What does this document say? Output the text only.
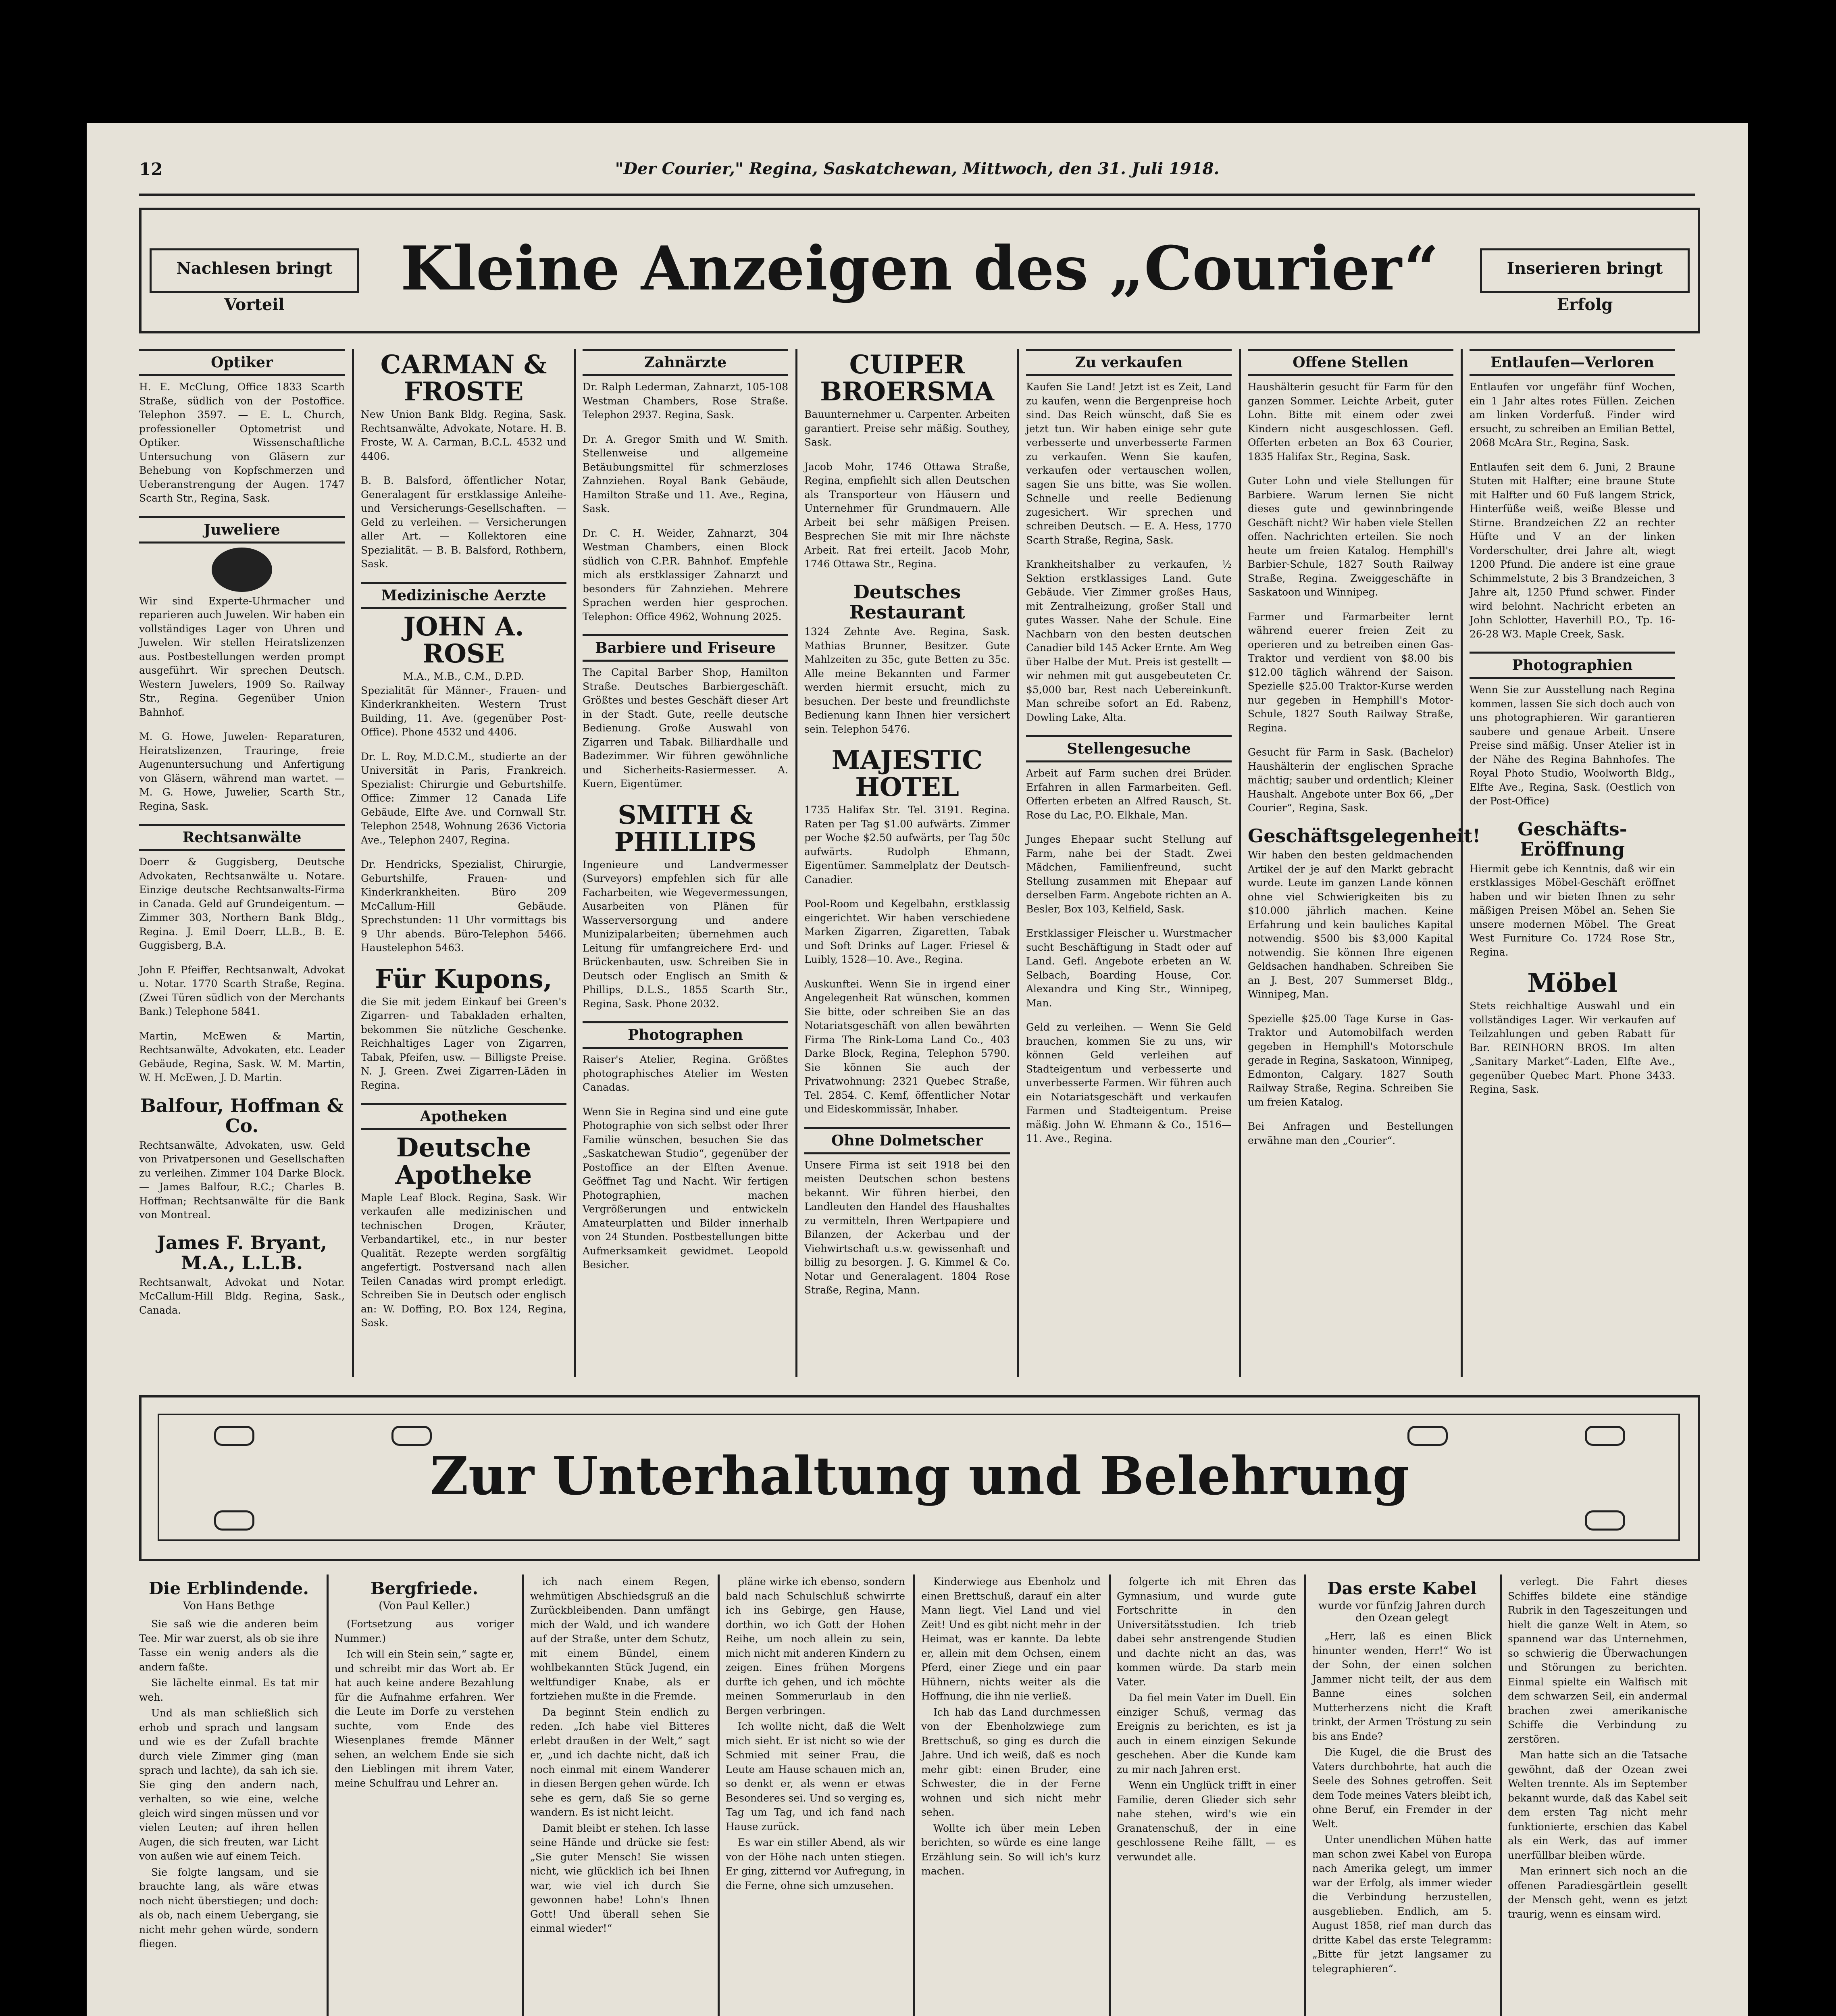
12	"Der Courier," Regina, Saskatchewan, Mittwoch, den 31. Juli 1918.
Nachlesen bringt Vorteil
Kleine Anzeigen des „Courier“	Inserieren bringt Erfolg
Optiker
H. E. McClung, Office 1833 Scarth Straße, südlich von der Postoffice. Telephon 3597. — E. L. Church, professioneller Optometrist und Optiker. Wissenschaftliche Untersuchung von Gläsern zur Behebung von Kopfschmerzen und Ueberanstrengung der Augen. 1747 Scarth Str., Regina, Sask.
Juweliere
Wir sind Experte-Uhrmacher und reparieren auch Juwelen. Wir haben ein vollständiges Lager von Uhren und Juwelen. Wir stellen Heiratslizenzen aus. Postbestellungen werden prompt ausgeführt. Wir sprechen Deutsch. Western Juwelers, 1909 So. Railway Str., Regina. Gegenüber Union Bahnhof.
M. G. Howe, Juwelen- Reparaturen, Heiratslizenzen, Trauringe, freie Augenuntersuchung und Anfertigung von Gläsern, während man wartet. — M. G. Howe, Juwelier, Scarth Str., Regina, Sask.
Rechtsanwälte
Doerr & Guggisberg, Deutsche Advokaten, Rechtsanwälte u. Notare. Einzige deutsche Rechtsanwalts-Firma in Canada. Geld auf Grundeigentum. — Zimmer 303, Northern Bank Bldg., Regina. J. Emil Doerr, LL.B., B. E. Guggisberg, B.A.
John F. Pfeiffer, Rechtsanwalt, Advokat u. Notar. 1770 Scarth Straße, Regina. (Zwei Türen südlich von der Merchants Bank.) Telephone 5841.
Martin, McEwen & Martin, Rechtsanwälte, Advokaten, etc. Leader Gebäude, Regina, Sask. W. M. Martin, W. H. McEwen, J. D. Martin.
Balfour, Hoffman & Co.
Rechtsanwälte, Advokaten, usw. Geld von Privatpersonen und Gesellschaften zu verleihen. Zimmer 104 Darke Block. — James Balfour, R.C.; Charles B. Hoffman; Rechtsanwälte für die Bank von Montreal.
James F. Bryant, M.A., L.L.B.
Rechtsanwalt, Advokat und Notar. McCallum-Hill Bldg. Regina, Sask., Canada.
CARMAN & FROSTE
New Union Bank Bldg. Regina, Sask. Rechtsanwälte, Advokate, Notare. H. B. Froste, W. A. Carman, B.C.L. 4532 und 4406.
B. B. Balsford, öffentlicher Notar, Generalagent für erstklassige Anleihe- und Versicherungs-Gesellschaften. — Geld zu verleihen. — Versicherungen aller Art. — Kollektoren eine Spezialität. — B. B. Balsford, Rothbern, Sask.
Medizinische Aerzte
JOHN A. ROSE
M.A., M.B., C.M., D.P.D.
Spezialität für Männer-, Frauen- und Kinderkrankheiten. Western Trust Building, 11. Ave. (gegenüber Post-Office). Phone 4532 und 4406.
Dr. L. Roy, M.D.C.M., studierte an der Universität in Paris, Frankreich. Spezialist: Chirurgie und Geburtshilfe. Office: Zimmer 12 Canada Life Gebäude, Elfte Ave. und Cornwall Str. Telephon 2548, Wohnung 2636 Victoria Ave., Telephon 2407, Regina.
Dr. Hendricks, Spezialist, Chirurgie, Geburtshilfe, Frauen- und Kinderkrankheiten. Büro 209 McCallum-Hill Gebäude. Sprechstunden: 11 Uhr vormittags bis 9 Uhr abends. Büro-Telephon 5466. Haustelephon 5463.
Für Kupons,
die Sie mit jedem Einkauf bei Green's Zigarren- und Tabakladen erhalten, bekommen Sie nützliche Geschenke. Reichhaltiges Lager von Zigarren, Tabak, Pfeifen, usw. — Billigste Preise. N. J. Green. Zwei Zigarren-Läden in Regina.
Apotheken
Deutsche Apotheke
Maple Leaf Block. Regina, Sask. Wir verkaufen alle medizinischen und technischen Drogen, Kräuter, Verbandartikel, etc., in nur bester Qualität. Rezepte werden sorgfältig angefertigt. Postversand nach allen Teilen Canadas wird prompt erledigt. Schreiben Sie in Deutsch oder englisch an: W. Doffing, P.O. Box 124, Regina, Sask.
Zahnärzte
Dr. Ralph Lederman, Zahnarzt, 105-108 Westman Chambers, Rose Straße. Telephon 2937. Regina, Sask.
Dr. A. Gregor Smith und W. Smith. Stellenweise und allgemeine Betäubungsmittel für schmerzloses Zahnziehen. Royal Bank Gebäude, Hamilton Straße und 11. Ave., Regina, Sask.
Dr. C. H. Weider, Zahnarzt, 304 Westman Chambers, einen Block südlich von C.P.R. Bahnhof. Empfehle mich als erstklassiger Zahnarzt und besonders für Zahnziehen. Mehrere Sprachen werden hier gesprochen. Telephon: Office 4962, Wohnung 2025.
Barbiere und Friseure
The Capital Barber Shop, Hamilton Straße. Deutsches Barbiergeschäft. Größtes und bestes Geschäft dieser Art in der Stadt. Gute, reelle deutsche Bedienung. Große Auswahl von Zigarren und Tabak. Billiardhalle und Badezimmer. Wir führen gewöhnliche und Sicherheits-Rasiermesser. A. Kuern, Eigentümer.
SMITH & PHILLIPS
Ingenieure und Landvermesser (Surveyors) empfehlen sich für alle Facharbeiten, wie Wegevermessungen, Ausarbeiten von Plänen für Wasserversorgung und andere Munizipalarbeiten; übernehmen auch Leitung für umfangreichere Erd- und Brückenbauten, usw. Schreiben Sie in Deutsch oder Englisch an Smith & Phillips, D.L.S., 1855 Scarth Str., Regina, Sask. Phone 2032.
Photographen
Raiser's Atelier, Regina. Größtes photographisches Atelier im Westen Canadas.
Wenn Sie in Regina sind und eine gute Photographie von sich selbst oder Ihrer Familie wünschen, besuchen Sie das „Saskatchewan Studio“, gegenüber der Postoffice an der Elften Avenue. Geöffnet Tag und Nacht. Wir fertigen Photographien, machen Vergrößerungen und entwickeln Amateurplatten und Bilder innerhalb von 24 Stunden. Postbestellungen bitte Aufmerksamkeit gewidmet. Leopold Besicher.
CUIPER BROERSMA
Bauunternehmer u. Carpenter. Arbeiten garantiert. Preise sehr mäßig. Southey, Sask.
Jacob Mohr, 1746 Ottawa Straße, Regina, empfiehlt sich allen Deutschen als Transporteur von Häusern und Unternehmer für Grundmauern. Alle Arbeit bei sehr mäßigen Preisen. Besprechen Sie mit mir Ihre nächste Arbeit. Rat frei erteilt. Jacob Mohr, 1746 Ottawa Str., Regina.
Deutsches Restaurant
1324 Zehnte Ave. Regina, Sask. Mathias Brunner, Besitzer. Gute Mahlzeiten zu 35c, gute Betten zu 35c. Alle meine Bekannten und Farmer werden hiermit ersucht, mich zu besuchen. Der beste und freundlichste Bedienung kann Ihnen hier versichert sein. Telephon 5476.
MAJESTIC HOTEL
1735 Halifax Str. Tel. 3191. Regina. Raten per Tag $1.00 aufwärts. Zimmer per Woche $2.50 aufwärts, per Tag 50c aufwärts. Rudolph Ehmann, Eigentümer. Sammelplatz der Deutsch-Canadier.
Pool-Room und Kegelbahn, erstklassig eingerichtet. Wir haben verschiedene Marken Zigarren, Zigaretten, Tabak und Soft Drinks auf Lager. Friesel & Luibly, 1528—10. Ave., Regina.
Auskunftei. Wenn Sie in irgend einer Angelegenheit Rat wünschen, kommen Sie bitte, oder schreiben Sie an das Notariatsgeschäft von allen bewährten Firma The Rink-Loma Land Co., 403 Darke Block, Regina, Telephon 5790. Sie können Sie auch der Privatwohnung: 2321 Quebec Straße, Tel. 2854. C. Kemf, öffentlicher Notar und Eideskommissär, Inhaber.
Ohne Dolmetscher
Unsere Firma ist seit 1918 bei den meisten Deutschen schon bestens bekannt. Wir führen hierbei, den Landleuten den Handel des Haushaltes zu vermitteln, Ihren Wertpapiere und Bilanzen, der Ackerbau und der Viehwirtschaft u.s.w. gewissenhaft und billig zu besorgen. J. G. Kimmel & Co. Notar und Generalagent. 1804 Rose Straße, Regina, Mann.
Zu verkaufen
Kaufen Sie Land! Jetzt ist es Zeit, Land zu kaufen, wenn die Bergenpreise hoch sind. Das Reich wünscht, daß Sie es jetzt tun. Wir haben einige sehr gute verbesserte und unverbesserte Farmen zu verkaufen. Wenn Sie kaufen, verkaufen oder vertauschen wollen, sagen Sie uns bitte, was Sie wollen. Schnelle und reelle Bedienung zugesichert. Wir sprechen und schreiben Deutsch. — E. A. Hess, 1770 Scarth Straße, Regina, Sask.
Krankheitshalber zu verkaufen, ½ Sektion erstklassiges Land. Gute Gebäude. Vier Zimmer großes Haus, mit Zentralheizung, großer Stall und gutes Wasser. Nahe der Schule. Eine Nachbarn von den besten deutschen Canadier bild 145 Acker Ernte. Am Weg über Halbe der Mut. Preis ist gestellt — wir nehmen mit gut ausgebeuteten Cr. $5,000 bar, Rest nach Uebereinkunft. Man schreibe sofort an Ed. Rabenz, Dowling Lake, Alta.
Stellengesuche
Arbeit auf Farm suchen drei Brüder. Erfahren in allen Farmarbeiten. Gefl. Offerten erbeten an Alfred Rausch, St. Rose du Lac, P.O. Elkhale, Man.
Junges Ehepaar sucht Stellung auf Farm, nahe bei der Stadt. Zwei Mädchen, Familienfreund, sucht Stellung zusammen mit Ehepaar auf derselben Farm. Angebote richten an A. Besler, Box 103, Kelfield, Sask.
Erstklassiger Fleischer u. Wurstmacher sucht Beschäftigung in Stadt oder auf Land. Gefl. Angebote erbeten an W. Selbach, Boarding House, Cor. Alexandra und King Str., Winnipeg, Man.
Geld zu verleihen. — Wenn Sie Geld brauchen, kommen Sie zu uns, wir können Geld verleihen auf Stadteigentum und verbesserte und unverbesserte Farmen. Wir führen auch ein Notariatsgeschäft und verkaufen Farmen und Stadteigentum. Preise mäßig. John W. Ehmann & Co., 1516—11. Ave., Regina.
Offene Stellen
Haushälterin gesucht für Farm für den ganzen Sommer. Leichte Arbeit, guter Lohn. Bitte mit einem oder zwei Kindern nicht ausgeschlossen. Gefl. Offerten erbeten an Box 63 Courier, 1835 Halifax Str., Regina, Sask.
Guter Lohn und viele Stellungen für Barbiere. Warum lernen Sie nicht dieses gute und gewinnbringende Geschäft nicht? Wir haben viele Stellen offen. Nachrichten erteilen. Sie noch heute um freien Katalog. Hemphill's Barbier-Schule, 1827 South Railway Straße, Regina. Zweiggeschäfte in Saskatoon und Winnipeg.
Farmer und Farmarbeiter lernt während euerer freien Zeit zu operieren und zu betreiben einen Gas-Traktor und verdient von $8.00 bis $12.00 täglich während der Saison. Spezielle $25.00 Traktor-Kurse werden nur gegeben in Hemphill's Motor-Schule, 1827 South Railway Straße, Regina.
Gesucht für Farm in Sask. (Bachelor) Haushälterin der englischen Sprache mächtig; sauber und ordentlich; Kleiner Haushalt. Angebote unter Box 66, „Der Courier“, Regina, Sask.
Geschäftsgelegenheit!
Wir haben den besten geldmachenden Artikel der je auf den Markt gebracht wurde. Leute im ganzen Lande können ohne viel Schwierigkeiten bis zu $10.000 jährlich machen. Keine Erfahrung und kein bauliches Kapital notwendig. $500 bis $3,000 Kapital notwendig. Sie können Ihre eigenen Geldsachen handhaben. Schreiben Sie an J. Best, 207 Summerset Bldg., Winnipeg, Man.
Spezielle $25.00 Tage Kurse in Gas-Traktor und Automobilfach werden gegeben in Hemphill's Motorschule gerade in Regina, Saskatoon, Winnipeg, Edmonton, Calgary. 1827 South Railway Straße, Regina. Schreiben Sie um freien Katalog.
Bei Anfragen und Bestellungen erwähne man den „Courier“.
Entlaufen—Verloren
Entlaufen vor ungefähr fünf Wochen, ein 1 Jahr altes rotes Füllen. Zeichen am linken Vorderfuß. Finder wird ersucht, zu schreiben an Emilian Bettel, 2068 McAra Str., Regina, Sask.
Entlaufen seit dem 6. Juni, 2 Braune Stuten mit Halfter; eine braune Stute mit Halfter und 60 Fuß langem Strick, Hinterfüße weiß, weiße Blesse und Stirne. Brandzeichen Z2 an rechter Hüfte und V an der linken Vorderschulter, drei Jahre alt, wiegt 1200 Pfund. Die andere ist eine graue Schimmelstute, 2 bis 3 Brandzeichen, 3 Jahre alt, 1250 Pfund schwer. Finder wird belohnt. Nachricht erbeten an John Schlotter, Haverhill P.O., Tp. 16-26-28 W3. Maple Creek, Sask.
Photographien
Wenn Sie zur Ausstellung nach Regina kommen, lassen Sie sich doch auch von uns photographieren. Wir garantieren saubere und genaue Arbeit. Unsere Preise sind mäßig. Unser Atelier ist in der Nähe des Regina Bahnhofes. The Royal Photo Studio, Woolworth Bldg., Elfte Ave., Regina, Sask. (Oestlich von der Post-Office)
Geschäfts-Eröffnung
Hiermit gebe ich Kenntnis, daß wir ein erstklassiges Möbel-Geschäft eröffnet haben und wir bieten Ihnen zu sehr mäßigen Preisen Möbel an. Sehen Sie unsere modernen Möbel. The Great West Furniture Co. 1724 Rose Str., Regina.
Möbel
Stets reichhaltige Auswahl und ein vollständiges Lager. Wir verkaufen auf Teilzahlungen und geben Rabatt für Bar. REINHORN BROS. Im alten „Sanitary Market“-Laden, Elfte Ave., gegenüber Quebec Mart. Phone 3433. Regina, Sask.
Zur Unterhaltung und Belehrung
Die Erblindende.
Von Hans Bethge

Sie saß wie die anderen beim Tee. Mir war zuerst, als ob sie ihre Tasse ein wenig anders als die andern faßte.

Sie lächelte einmal. Es tat mir weh.

Und als man schließlich sich erhob und sprach und langsam und wie es der Zufall brachte durch viele Zimmer ging (man sprach und lachte), da sah ich sie. Sie ging den andern nach, verhalten, so wie eine, welche gleich wird singen müssen und vor vielen Leuten; auf ihren hellen Augen, die sich freuten, war Licht von außen wie auf einem Teich.

Sie folgte langsam, und sie brauchte lang, als wäre etwas noch nicht überstiegen; und doch: als ob, nach einem Uebergang, sie nicht mehr gehen würde, sondern fliegen.

Bergfriede.
(Von Paul Keller.)

(Fortsetzung aus voriger Nummer.)

Ich will ein Stein sein,“ sagte er, und schreibt mir das Wort ab. Er hat auch keine andere Bezahlung für die Aufnahme erfahren. Wer die Leute im Dorfe zu verstehen suchte, vom Ende des Wiesenplanes fremde Männer sehen, an welchem Ende sie sich den Lieblingen mit ihrem Vater, meine Schulfrau und Lehrer an.

ich nach einem Regen, wehmütigen Abschiedsgruß an die Zurückbleibenden. Dann umfängt mich der Wald, und ich wandere auf der Straße, unter dem Schutz, mit einem Bündel, einem wohlbekannten Stück Jugend, ein weltfundiger Knabe, als er fortziehen mußte in die Fremde.

Da beginnt Stein endlich zu reden. „Ich habe viel Bitteres erlebt draußen in der Welt,“ sagt er, „und ich dachte nicht, daß ich noch einmal mit einem Wanderer in diesen Bergen gehen würde. Ich sehe es gern, daß Sie so gerne wandern. Es ist nicht leicht.

Damit bleibt er stehen. Ich lasse seine Hände und drücke sie fest: „Sie guter Mensch! Sie wissen nicht, wie glücklich ich bei Ihnen war, wie viel ich durch Sie gewonnen habe! Lohn's Ihnen Gott! Und überall sehen Sie einmal wieder!“

pläne wirke ich ebenso, sondern bald nach Schulschluß schwirrte ich ins Gebirge, gen Hause, dorthin, wo ich Gott der Hohen Reihe, um noch allein zu sein, mich nicht mit anderen Kindern zu zeigen. Eines frühen Morgens durfte ich gehen, und ich möchte meinen Sommerurlaub in den Bergen verbringen.

Ich wollte nicht, daß die Welt mich sieht. Er ist nicht so wie der Schmied mit seiner Frau, die Leute am Hause schauen mich an, so denkt er, als wenn er etwas Besonderes sei. Und so verging es, Tag um Tag, und ich fand nach Hause zurück.

Es war ein stiller Abend, als wir von der Höhe nach unten stiegen. Er ging, zitternd vor Aufregung, in die Ferne, ohne sich umzusehen.

Kinderwiege aus Ebenholz und einen Brettschuß, darauf ein alter Mann liegt. Viel Land und viel Zeit! Und es gibt nicht mehr in der Heimat, was er kannte. Da lebte er, allein mit dem Ochsen, einem Pferd, einer Ziege und ein paar Hühnern, nichts weiter als die Hoffnung, die ihn nie verließ.

Ich hab das Land durchmessen von der Ebenholzwiege zum Brettschuß, so ging es durch die Jahre. Und ich weiß, daß es noch mehr gibt: einen Bruder, eine Schwester, die in der Ferne wohnen und sich nicht mehr sehen.

Wollte ich über mein Leben berichten, so würde es eine lange Erzählung sein. So will ich's kurz machen.

folgerte ich mit Ehren das Gymnasium, und wurde gute Fortschritte in den Universitätsstudien. Ich trieb dabei sehr anstrengende Studien und dachte nicht an das, was kommen würde. Da starb mein Vater.

Da fiel mein Vater im Duell. Ein einziger Schuß, vermag das Ereignis zu berichten, es ist ja auch in einem einzigen Sekunde geschehen. Aber die Kunde kam zu mir nach Jahren erst.

Wenn ein Unglück trifft in einer Familie, deren Glieder sich sehr nahe stehen, wird's wie ein Granatenschuß, der in eine geschlossene Reihe fällt, — es verwundet alle.

Das erste Kabel
wurde vor fünfzig Jahren durch den Ozean gelegt

„Herr, laß es einen Blick hinunter wenden, Herr!“ Wo ist der Sohn, der einen solchen Jammer nicht teilt, der aus dem Banne eines solchen Mutterherzens nicht die Kraft trinkt, der Armen Tröstung zu sein bis ans Ende?

Die Kugel, die die Brust des Vaters durchbohrte, hat auch die Seele des Sohnes getroffen. Seit dem Tode meines Vaters bleibt ich, ohne Beruf, ein Fremder in der Welt.

Unter unendlichen Mühen hatte man schon zwei Kabel von Europa nach Amerika gelegt, um immer war der Erfolg, als immer wieder die Verbindung herzustellen, ausgeblieben. Endlich, am 5. August 1858, rief man durch das dritte Kabel das erste Telegramm: „Bitte für jetzt langsamer zu telegraphieren“.

verlegt. Die Fahrt dieses Schiffes bildete eine ständige Rubrik in den Tageszeitungen und hielt die ganze Welt in Atem, so spannend war das Unternehmen, so schwierig die Überwachungen und Störungen zu berichten. Einmal spielte ein Walfisch mit dem schwarzen Seil, ein andermal brachen zwei amerikanische Schiffe die Verbindung zu zerstören.

Man hatte sich an die Tatsache gewöhnt, daß der Ozean zwei Welten trennte. Als im September bekannt wurde, daß das Kabel seit dem ersten Tag nicht mehr funktionierte, erschien das Kabel als ein Werk, das auf immer unerfüllbar bleiben würde.

Man erinnert sich noch an die offenen Paradiesgärtlein gesellt der Mensch geht, wenn es jetzt traurig, wenn es einsam wird.
